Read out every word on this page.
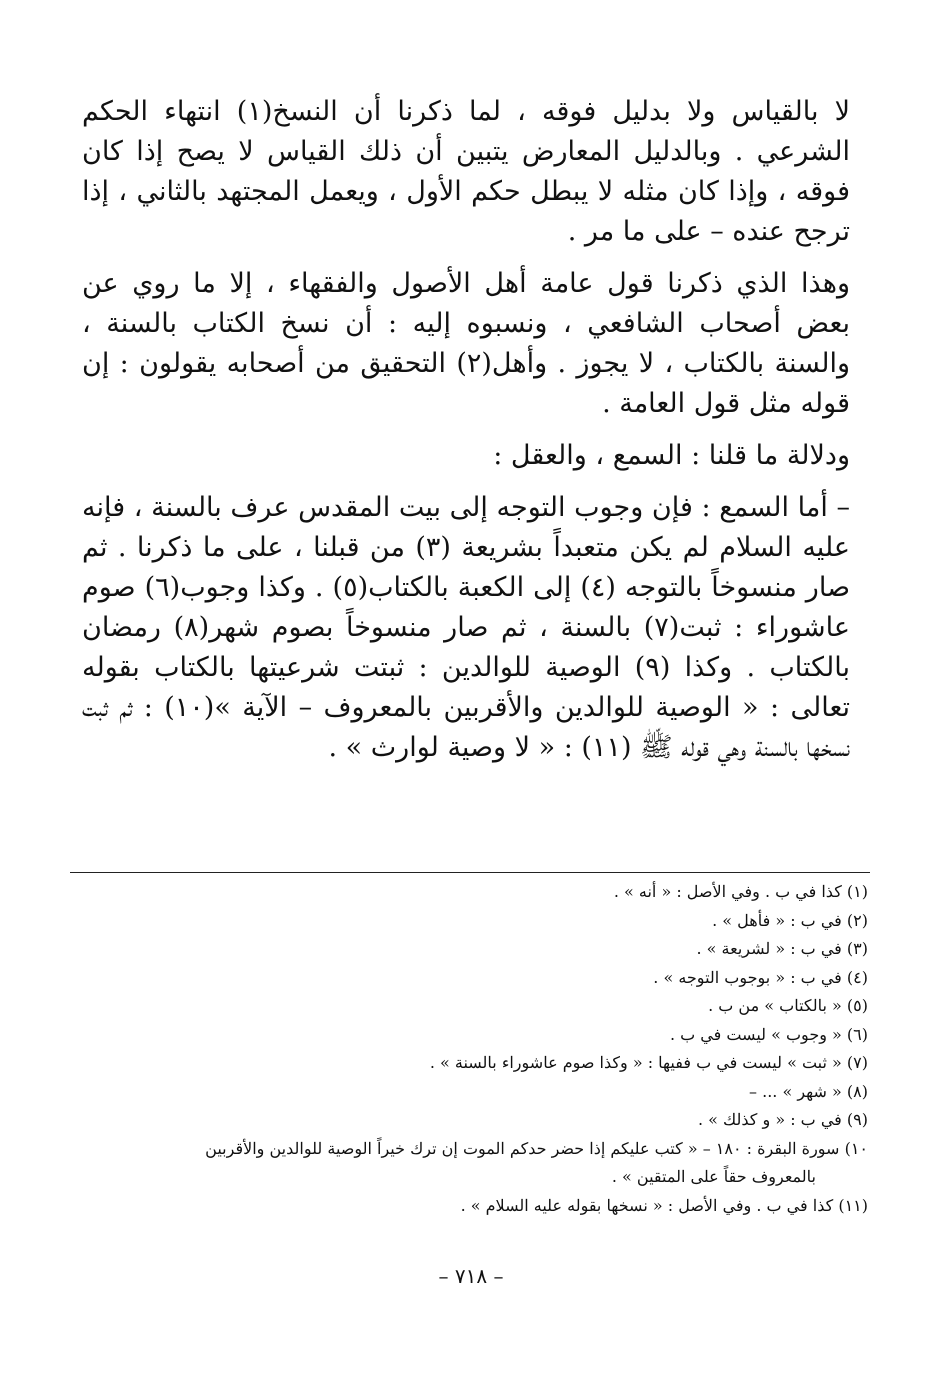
لا بالقياس ولا بدليل فوقه ، لما ذكرنا أن النسخ(١) انتهاء الحكم الشرعي . وبالدليل المعارض يتبين أن ذلك القياس لا يصح إذا كان فوقه ، وإذا كان مثله لا يبطل حكم الأول ، ويعمل المجتهد بالثاني ، إذا ترجح عنده – على ما مر .

وهذا الذي ذكرنا قول عامة أهل الأصول والفقهاء ، إلا ما روي عن بعض أصحاب الشافعي ، ونسبوه إليه : أن نسخ الكتاب بالسنة ، والسنة بالكتاب ، لا يجوز . وأهل(٢) التحقيق من أصحابه يقولون : إن قوله مثل قول العامة .

ودلالة ما قلنا : السمع ، والعقل :

– أما السمع : فإن وجوب التوجه إلى بيت المقدس عرف بالسنة ، فإنه عليه السلام لم يكن متعبداً بشريعة (٣) من قبلنا ، على ما ذكرنا . ثم صار منسوخاً بالتوجه (٤) إلى الكعبة بالكتاب(٥) . وكذا وجوب(٦) صوم عاشوراء : ثبت(٧) بالسنة ، ثم صار منسوخاً بصوم شهر(٨) رمضان بالكتاب . وكذا (٩) الوصية للوالدين : ثبتت شرعيتها بالكتاب بقوله تعالى : « الوصية للوالدين والأقربين بالمعروف – الآية »(١٠) : ثم ثبت نسخها بالسنة وهي قوله ﷺ (١١) : « لا وصية لوارث » .

(١) كذا في ب . وفي الأصل : « أنه » .

(٢) في ب : « فأهل » .

(٣) في ب : « لشريعة » .

(٤) في ب : « بوجوب التوجه » .

(٥) « بالكتاب » من ب .

(٦) « وجوب » ليست في ب .

(٧) « ثبت » ليست في ب ففيها : « وكذا صوم عاشوراء بالسنة » .

(٨) « شهر » ... –

(٩) في ب : « و كذلك » .

١٠) سورة البقرة : ١٨٠ – « كتب عليكم إذا حضر حدكم الموت إن ترك خيراً الوصية للوالدين والأقربين
بالمعروف حقاً على المتقين » .

(١١) كذا في ب . وفي الأصل : « نسخها بقوله عليه السلام » .

– ٧١٨ –
